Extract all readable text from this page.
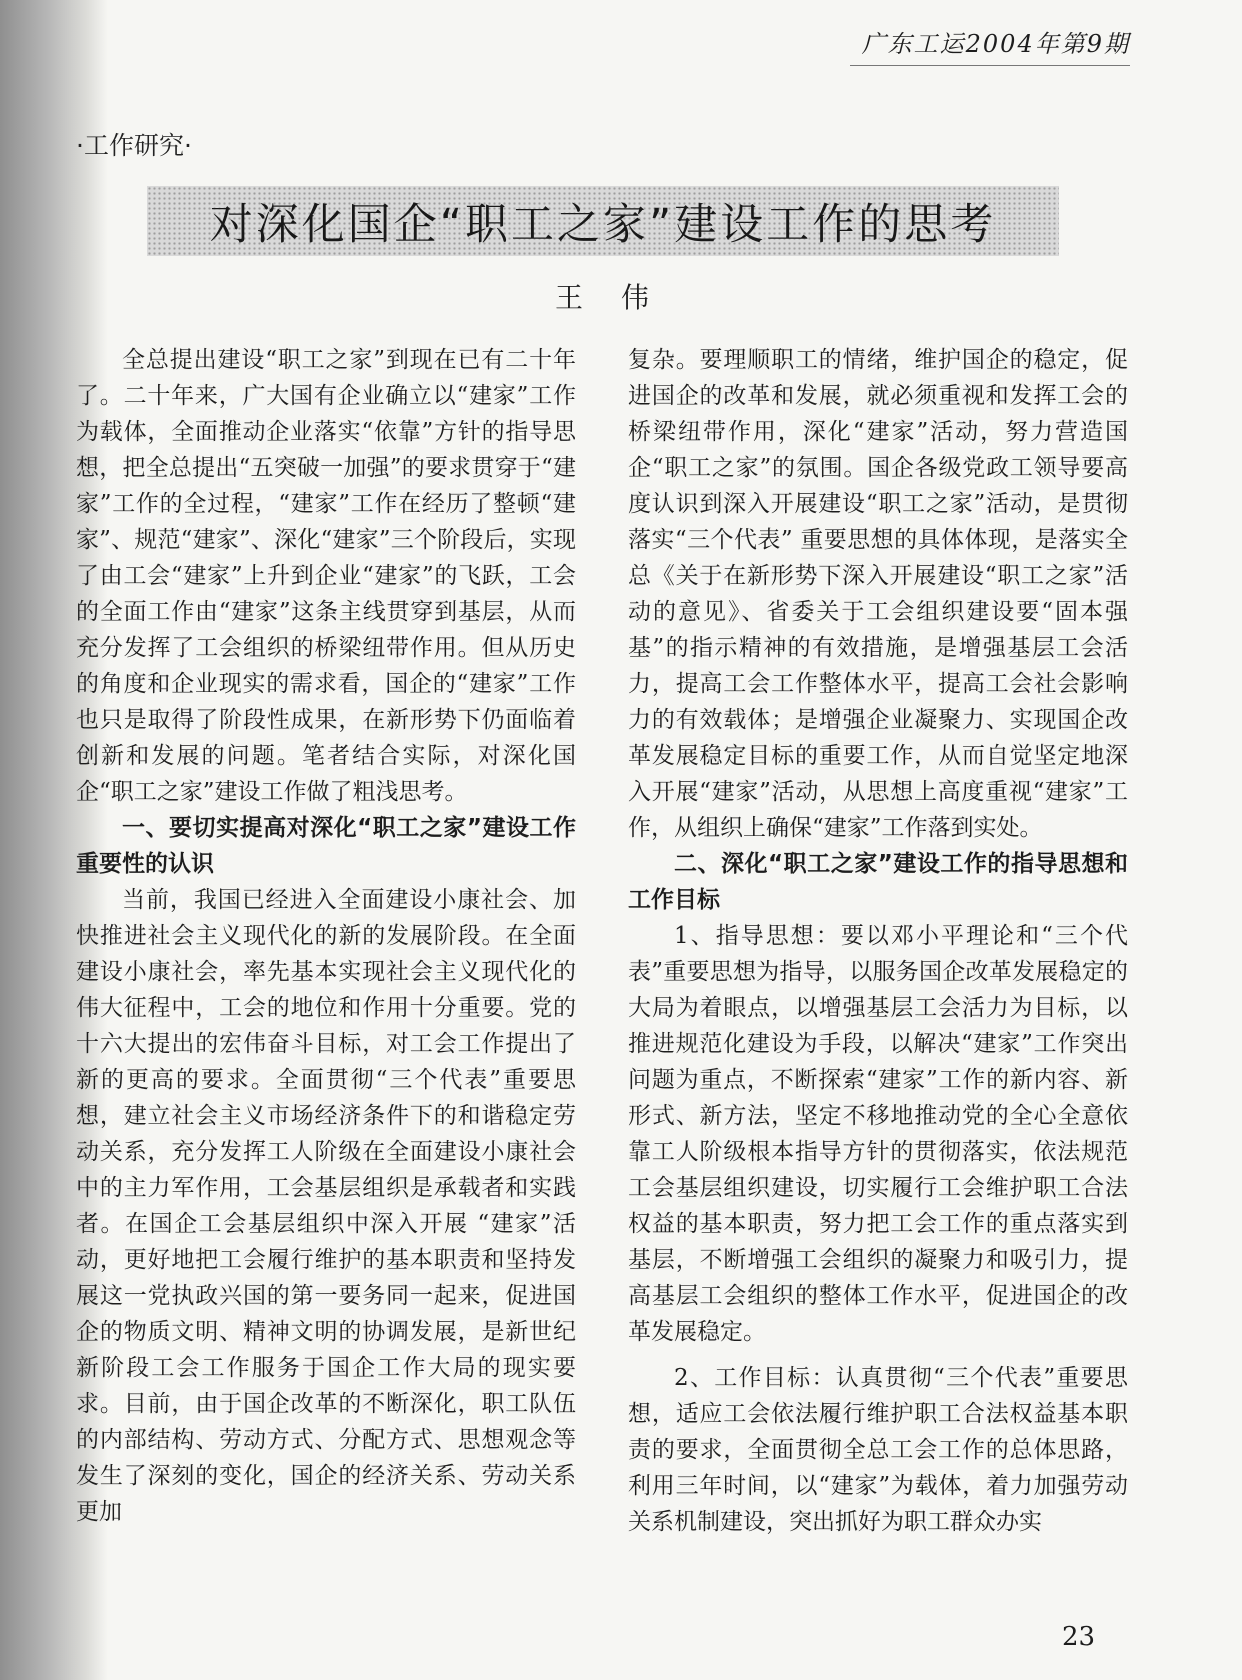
广东工运2004年第9期
·工作研究·
对深化国企“职工之家”建设工作的思考
王伟

全总提出建设“职工之家”到现在已有二十年了。二十年来，广大国有企业确立以“建家”工作为载体，全面推动企业落实“依靠”方针的指导思想，把全总提出“五突破一加强”的要求贯穿于“建家”工作的全过程，“建家”工作在经历了整顿“建家”、规范“建家”、深化“建家”三个阶段后，实现了由工会“建家”上升到企业“建家”的飞跃，工会的全面工作由“建家”这条主线贯穿到基层，从而充分发挥了工会组织的桥梁纽带作用。但从历史的角度和企业现实的需求看，国企的“建家”工作也只是取得了阶段性成果，在新形势下仍面临着创新和发展的问题。笔者结合实际，对深化国企“职工之家”建设工作做了粗浅思考。

一、要切实提高对深化“职工之家”建设工作重要性的认识

当前，我国已经进入全面建设小康社会、加快推进社会主义现代化的新的发展阶段。在全面建设小康社会，率先基本实现社会主义现代化的伟大征程中，工会的地位和作用十分重要。党的十六大提出的宏伟奋斗目标，对工会工作提出了新的更高的要求。全面贯彻“三个代表”重要思想，建立社会主义市场经济条件下的和谐稳定劳动关系，充分发挥工人阶级在全面建设小康社会中的主力军作用，工会基层组织是承载者和实践者。在国企工会基层组织中深入开展 “建家”活动，更好地把工会履行维护的基本职责和坚持发展这一党执政兴国的第一要务同一起来，促进国企的物质文明、精神文明的协调发展，是新世纪新阶段工会工作服务于国企工作大局的现实要求。目前，由于国企改革的不断深化，职工队伍的内部结构、劳动方式、分配方式、思想观念等发生了深刻的变化，国企的经济关系、劳动关系更加

复杂。要理顺职工的情绪，维护国企的稳定，促进国企的改革和发展，就必须重视和发挥工会的桥梁纽带作用，深化“建家”活动，努力营造国企“职工之家”的氛围。国企各级党政工领导要高度认识到深入开展建设“职工之家”活动，是贯彻落实“三个代表” 重要思想的具体体现，是落实全总《关于在新形势下深入开展建设“职工之家”活动的意见》、省委关于工会组织建设要“固本强基”的指示精神的有效措施，是增强基层工会活力，提高工会工作整体水平，提高工会社会影响力的有效载体；是增强企业凝聚力、实现国企改革发展稳定目标的重要工作，从而自觉坚定地深入开展“建家”活动，从思想上高度重视“建家”工作，从组织上确保“建家”工作落到实处。

二、深化“职工之家”建设工作的指导思想和工作目标

1、指导思想：要以邓小平理论和“三个代表”重要思想为指导，以服务国企改革发展稳定的大局为着眼点，以增强基层工会活力为目标，以推进规范化建设为手段，以解决“建家”工作突出问题为重点，不断探索“建家”工作的新内容、新形式、新方法，坚定不移地推动党的全心全意依靠工人阶级根本指导方针的贯彻落实，依法规范工会基层组织建设，切实履行工会维护职工合法权益的基本职责，努力把工会工作的重点落实到基层，不断增强工会组织的凝聚力和吸引力，提高基层工会组织的整体工作水平，促进国企的改革发展稳定。

2、工作目标：认真贯彻“三个代表”重要思想，适应工会依法履行维护职工合法权益基本职责的要求，全面贯彻全总工会工作的总体思路，利用三年时间，以“建家”为载体，着力加强劳动关系机制建设，突出抓好为职工群众办实

23
